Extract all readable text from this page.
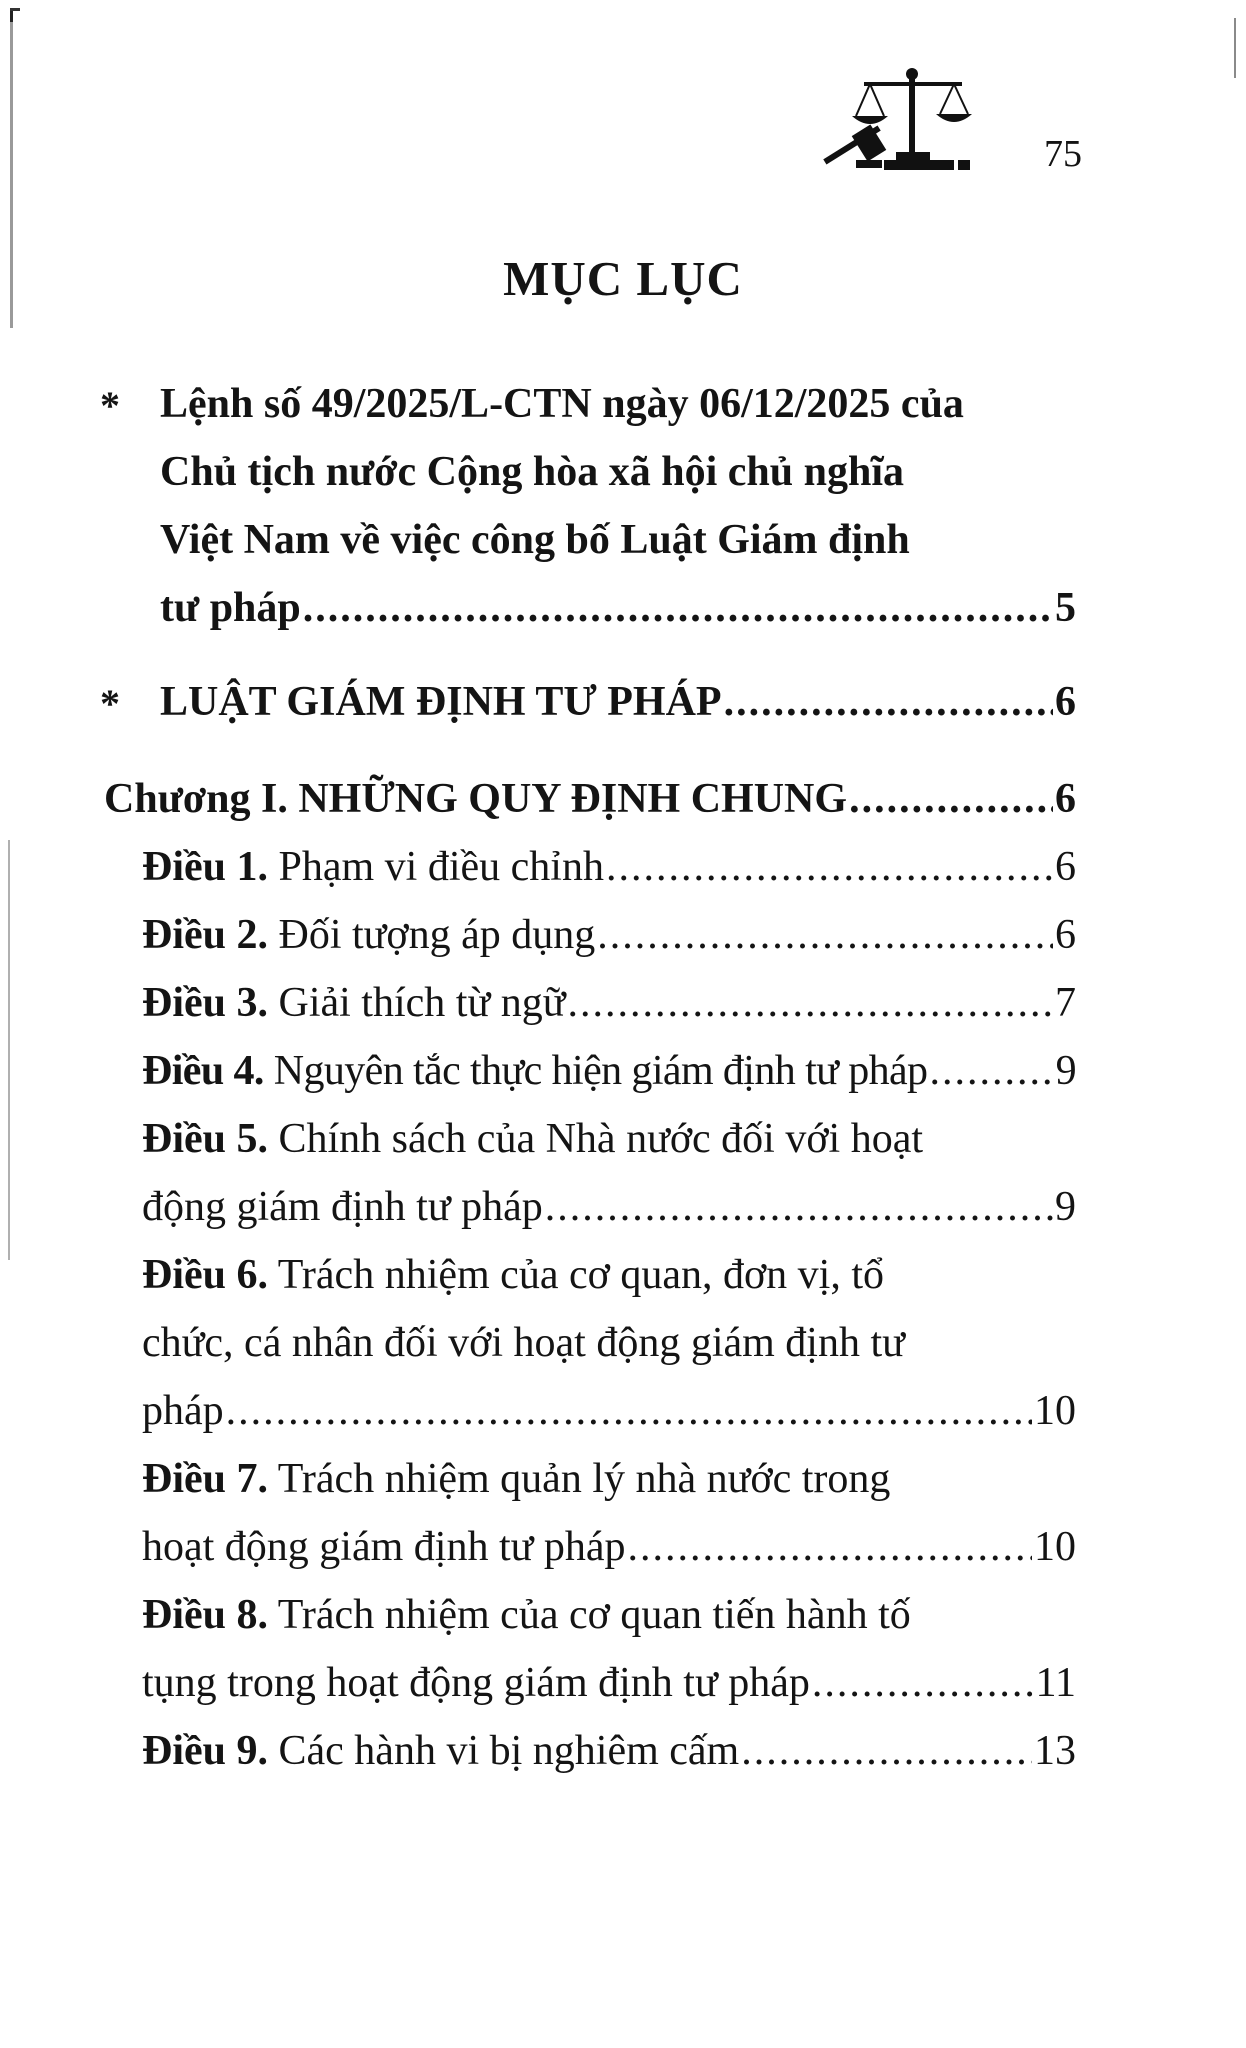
75
MỤC LỤC
* Lệnh số 49/2025/L-CTN ngày 06/12/2025 của
Chủ tịch nước Cộng hòa xã hội chủ nghĩa
Việt Nam về việc công bố Luật Giám định
tư pháp .....	5
* LUẬT GIÁM ĐỊNH TƯ PHÁP .....	6
Chương I. NHỮNG QUY ĐỊNH CHUNG .....	6
Điều 1. Phạm vi điều chỉnh .....	6
Điều 2. Đối tượng áp dụng .....	6
Điều 3. Giải thích từ ngữ .....	7
Điều 4. Nguyên tắc thực hiện giám định tư pháp .....	9
Điều 5. Chính sách của Nhà nước đối với hoạt
động giám định tư pháp .....	9
Điều 6. Trách nhiệm của cơ quan, đơn vị, tổ
chức, cá nhân đối với hoạt động giám định tư
pháp .....	10
Điều 7. Trách nhiệm quản lý nhà nước trong
hoạt động giám định tư pháp .....	10
Điều 8. Trách nhiệm của cơ quan tiến hành tố
tụng trong hoạt động giám định tư pháp .....	11
Điều 9. Các hành vi bị nghiêm cấm .....	13
